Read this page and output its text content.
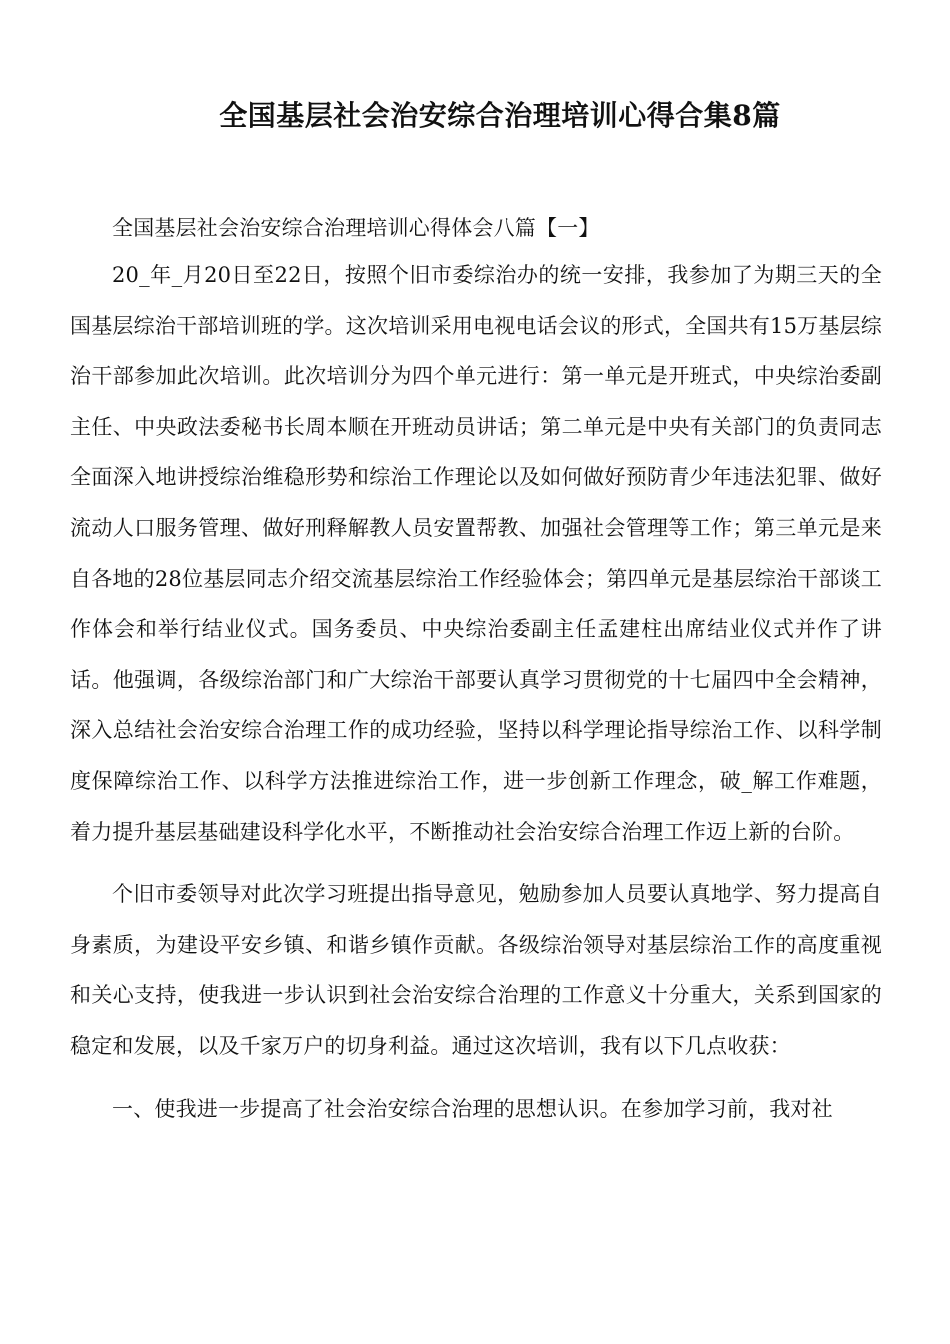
全国基层社会治安综合治理培训心得合集8篇

全国基层社会治安综合治理培训心得体会八篇【一】

20_年_月20日至22日，按照个旧市委综治办的统一安排，我参加了为期三天的全国基层综治干部培训班的学。这次培训采用电视电话会议的形式，全国共有15万基层综治干部参加此次培训。此次培训分为四个单元进行：第一单元是开班式，中央综治委副主任、中央政法委秘书长周本顺在开班动员讲话；第二单元是中央有关部门的负责同志全面深入地讲授综治维稳形势和综治工作理论以及如何做好预防青少年违法犯罪、做好流动人口服务管理、做好刑释解教人员安置帮教、加强社会管理等工作；第三单元是来自各地的28位基层同志介绍交流基层综治工作经验体会；第四单元是基层综治干部谈工作体会和举行结业仪式。国务委员、中央综治委副主任孟建柱出席结业仪式并作了讲话。他强调，各级综治部门和广大综治干部要认真学习贯彻党的十七届四中全会精神，深入总结社会治安综合治理工作的成功经验，坚持以科学理论指导综治工作、以科学制度保障综治工作、以科学方法推进综治工作，进一步创新工作理念，破_解工作难题，着力提升基层基础建设科学化水平，不断推动社会治安综合治理工作迈上新的台阶。

个旧市委领导对此次学习班提出指导意见，勉励参加人员要认真地学、努力提高自身素质，为建设平安乡镇、和谐乡镇作贡献。各级综治领导对基层综治工作的高度重视和关心支持，使我进一步认识到社会治安综合治理的工作意义十分重大，关系到国家的稳定和发展，以及千家万户的切身利益。通过这次培训，我有以下几点收获：

一、使我进一步提高了社会治安综合治理的思想认识。在参加学习前，我对社
